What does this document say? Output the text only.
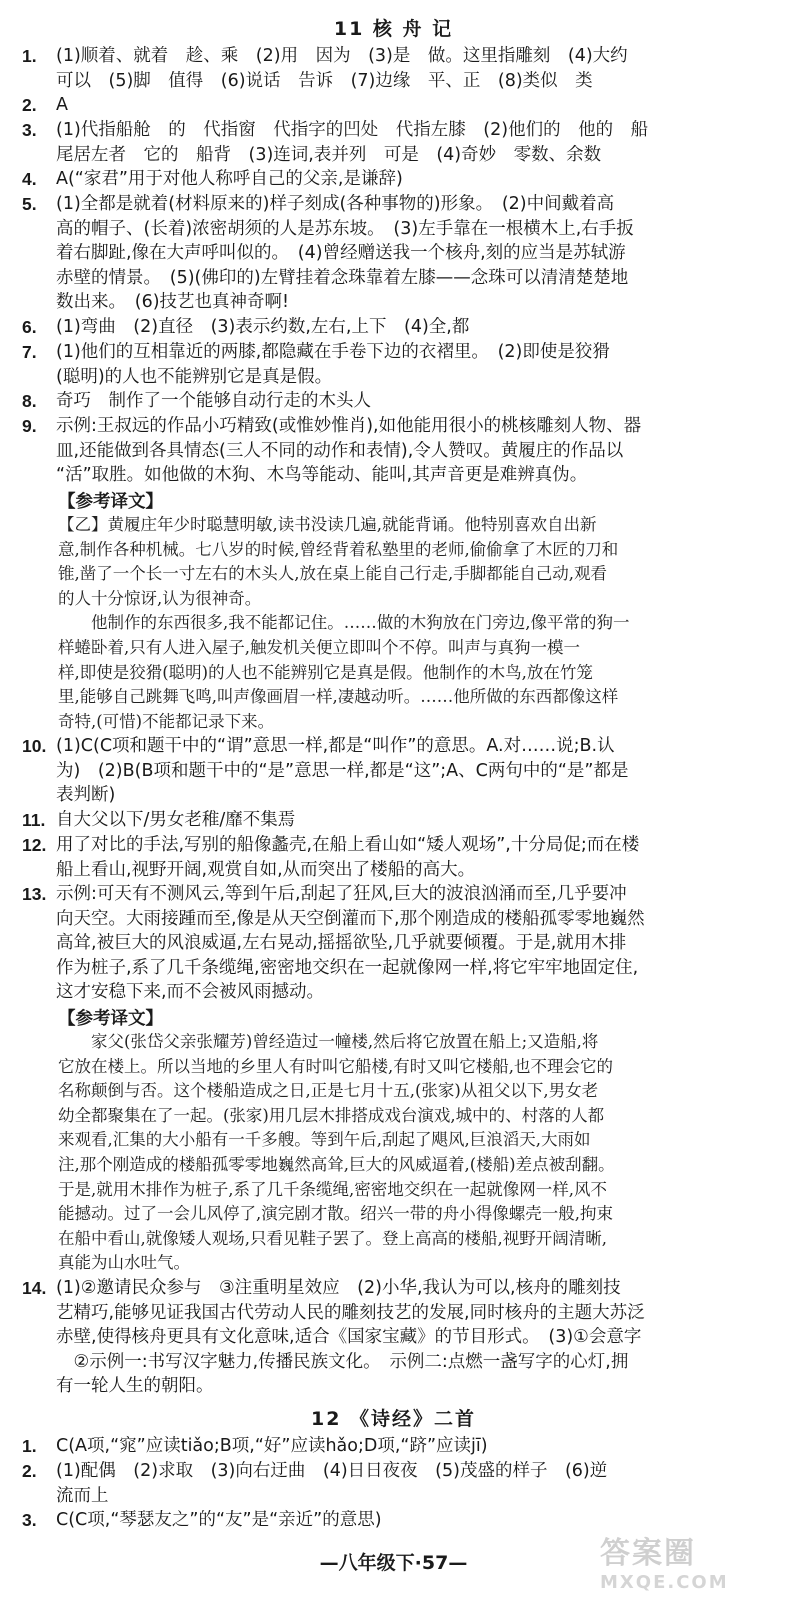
11 核 舟 记
1.	(1)顺着、就着　趁、乘　(2)用　因为　(3)是　做。这里指雕刻　(4)大约
可以　(5)脚　值得　(6)说话　告诉　(7)边缘　平、正　(8)类似　类
2.	A
3.	(1)代指船舱　的　代指窗　代指字的凹处　代指左膝　(2)他们的　他的　船
尾居左者　它的　船背　(3)连词,表并列　可是　(4)奇妙　零数、余数
4.	A(“家君”用于对他人称呼自己的父亲,是谦辞)
5.	(1)全都是就着(材料原来的)样子刻成(各种事物的)形象。　(2)中间戴着高
高的帽子、(长着)浓密胡须的人是苏东坡。　(3)左手靠在一根横木上,右手扳
着右脚趾,像在大声呼叫似的。　(4)曾经赠送我一个核舟,刻的应当是苏轼游
赤壁的情景。　(5)(佛印的)左臂挂着念珠靠着左膝——念珠可以清清楚楚地
数出来。　(6)技艺也真神奇啊!
6.	(1)弯曲　(2)直径　(3)表示约数,左右,上下　(4)全,都
7.	(1)他们的互相靠近的两膝,都隐藏在手卷下边的衣褶里。　(2)即使是狡猾
(聪明)的人也不能辨别它是真是假。
8.	奇巧　制作了一个能够自动行走的木头人
9.	示例:王叔远的作品小巧精致(或惟妙惟肖),如他能用很小的桃核雕刻人物、器
皿,还能做到各具情态(三人不同的动作和表情),令人赞叹。黄履庄的作品以
“活”取胜。如他做的木狗、木鸟等能动、能叫,其声音更是难辨真伪。
【参考译文】
【乙】黄履庄年少时聪慧明敏,读书没读几遍,就能背诵。他特别喜欢自出新
意,制作各种机械。七八岁的时候,曾经背着私塾里的老师,偷偷拿了木匠的刀和
锥,凿了一个长一寸左右的木头人,放在桌上能自己行走,手脚都能自己动,观看
的人十分惊讶,认为很神奇。
　　他制作的东西很多,我不能都记住。……做的木狗放在门旁边,像平常的狗一
样蜷卧着,只有人进入屋子,触发机关便立即叫个不停。叫声与真狗一模一
样,即使是狡猾(聪明)的人也不能辨别它是真是假。他制作的木鸟,放在竹笼
里,能够自己跳舞飞鸣,叫声像画眉一样,凄越动听。……他所做的东西都像这样
奇特,(可惜)不能都记录下来。
10. (1)C(C项和题干中的“谓”意思一样,都是“叫作”的意思。A.对……说;B.认
为)　(2)B(B项和题干中的“是”意思一样,都是“这”;A、C两句中的“是”都是
表判断)
11. 自大父以下/男女老稚/靡不集焉
12. 用了对比的手法,写别的船像蠡壳,在船上看山如“矮人观场”,十分局促;而在楼
船上看山,视野开阔,观赏自如,从而突出了楼船的高大。
13. 示例:可天有不测风云,等到午后,刮起了狂风,巨大的波浪汹涌而至,几乎要冲
向天空。大雨接踵而至,像是从天空倒灌而下,那个刚造成的楼船孤零零地巍然
高耸,被巨大的风浪威逼,左右晃动,摇摇欲坠,几乎就要倾覆。于是,就用木排
作为桩子,系了几千条缆绳,密密地交织在一起就像网一样,将它牢牢地固定住,
这才安稳下来,而不会被风雨撼动。
【参考译文】
　　家父(张岱父亲张耀芳)曾经造过一幢楼,然后将它放置在船上;又造船,将
它放在楼上。所以当地的乡里人有时叫它船楼,有时又叫它楼船,也不理会它的
名称颠倒与否。这个楼船造成之日,正是七月十五,(张家)从祖父以下,男女老
幼全都聚集在了一起。(张家)用几层木排搭成戏台演戏,城中的、村落的人都
来观看,汇集的大小船有一千多艘。等到午后,刮起了飓风,巨浪滔天,大雨如
注,那个刚造成的楼船孤零零地巍然高耸,巨大的风威逼着,(楼船)差点被刮翻。
于是,就用木排作为桩子,系了几千条缆绳,密密地交织在一起就像网一样,风不
能撼动。过了一会儿风停了,演完剧才散。绍兴一带的舟小得像螺壳一般,拘束
在船中看山,就像矮人观场,只看见鞋子罢了。登上高高的楼船,视野开阔清晰,
真能为山水吐气。
14. (1)②邀请民众参与　③注重明星效应　(2)小华,我认为可以,核舟的雕刻技
艺精巧,能够见证我国古代劳动人民的雕刻技艺的发展,同时核舟的主题大苏泛
赤壁,使得核舟更具有文化意味,适合《国家宝藏》的节目形式。　(3)①会意字
　②示例一:书写汉字魅力,传播民族文化。　示例二:点燃一盏写字的心灯,拥
有一轮人生的朝阳。
12 《诗经》二首
1.	C(A项,“窕”应读tiǎo;B项,“好”应读hǎo;D项,“跻”应读jī)
2.	(1)配偶　(2)求取　(3)向右迂曲　(4)日日夜夜　(5)茂盛的样子　(6)逆
流而上
3.	C(C项,“琴瑟友之”的“友”是“亲近”的意思)
—八年级下·57—	答案圈
MXQE.COM
